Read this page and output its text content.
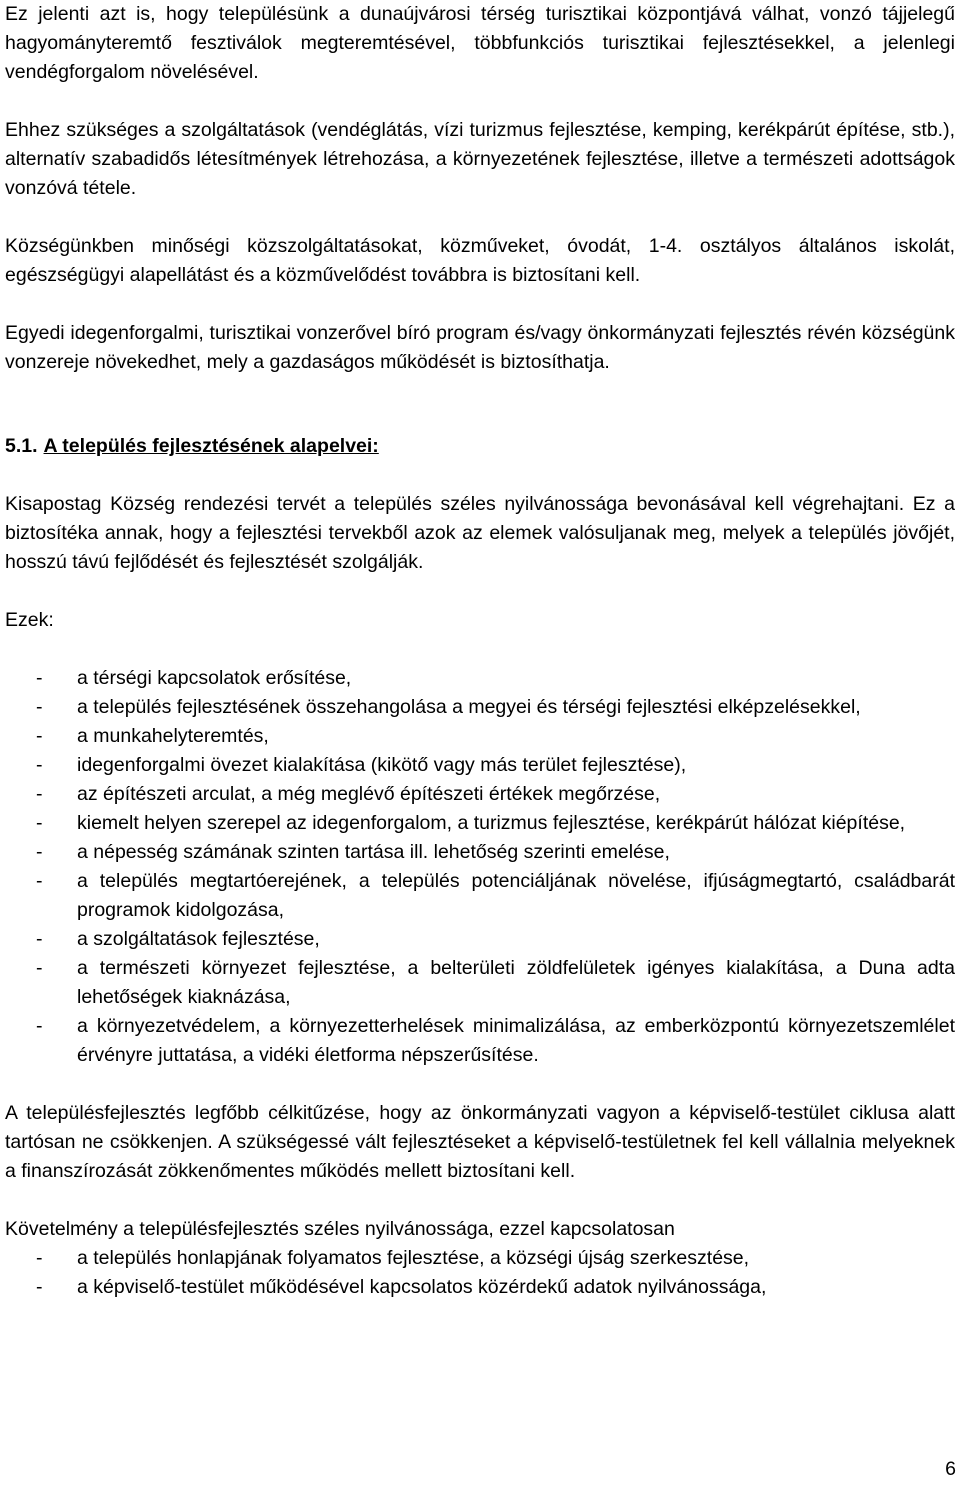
Ez jelenti azt is, hogy településünk a dunaújvárosi térség turisztikai központjává válhat, vonzó tájjelegű hagyományteremtő fesztiválok megteremtésével, többfunkciós turisztikai fejlesztésekkel, a jelenlegi vendégforgalom növelésével.

Ehhez szükséges a szolgáltatások (vendéglátás, vízi turizmus fejlesztése, kemping, kerékpárút építése, stb.), alternatív szabadidős létesítmények létrehozása, a környezetének fejlesztése, illetve a természeti adottságok vonzóvá tétele.

Községünkben minőségi közszolgáltatásokat, közműveket, óvodát, 1-4. osztályos általános iskolát, egészségügyi alapellátást és a közművelődést továbbra is biztosítani kell.

Egyedi idegenforgalmi, turisztikai vonzerővel bíró program és/vagy önkormányzati fejlesztés révén községünk vonzereje növekedhet, mely a gazdaságos működését is biztosíthatja.

5.1. A település fejlesztésének alapelvei:

Kisapostag Község rendezési tervét a település széles nyilvánossága bevonásával kell végrehajtani. Ez a biztosítéka annak, hogy a fejlesztési tervekből azok az elemek valósuljanak meg, melyek a település jövőjét, hosszú távú fejlődését és fejlesztését szolgálják.

Ezek:

- a térségi kapcsolatok erősítése,
- a település fejlesztésének összehangolása a megyei és térségi fejlesztési elképzelésekkel,
- a munkahelyteremtés,
- idegenforgalmi övezet kialakítása (kikötő vagy más terület fejlesztése),
- az építészeti arculat, a még meglévő építészeti értékek megőrzése,
- kiemelt helyen szerepel az idegenforgalom, a turizmus fejlesztése, kerékpárút hálózat kiépítése,
- a népesség számának szinten tartása ill. lehetőség szerinti emelése,
- a település megtartóerejének, a település potenciáljának növelése, ifjúságmegtartó, családbarát programok kidolgozása,
- a szolgáltatások fejlesztése,
- a természeti környezet fejlesztése, a belterületi zöldfelületek igényes kialakítása, a Duna adta lehetőségek kiaknázása,
- a környezetvédelem, a környezetterhelések minimalizálása, az emberközpontú környezetszemlélet érvényre juttatása, a vidéki életforma népszerűsítése.

A településfejlesztés legfőbb célkitűzése, hogy az önkormányzati vagyon a képviselő-testület ciklusa alatt tartósan ne csökkenjen. A szükségessé vált fejlesztéseket a képviselő-testületnek fel kell vállalnia melyeknek a finanszírozását zökkenőmentes működés mellett biztosítani kell.

Követelmény a településfejlesztés széles nyilvánossága, ezzel kapcsolatosan

- a település honlapjának folyamatos fejlesztése, a községi újság szerkesztése,
- a képviselő-testület működésével kapcsolatos közérdekű adatok nyilvánossága,
6
